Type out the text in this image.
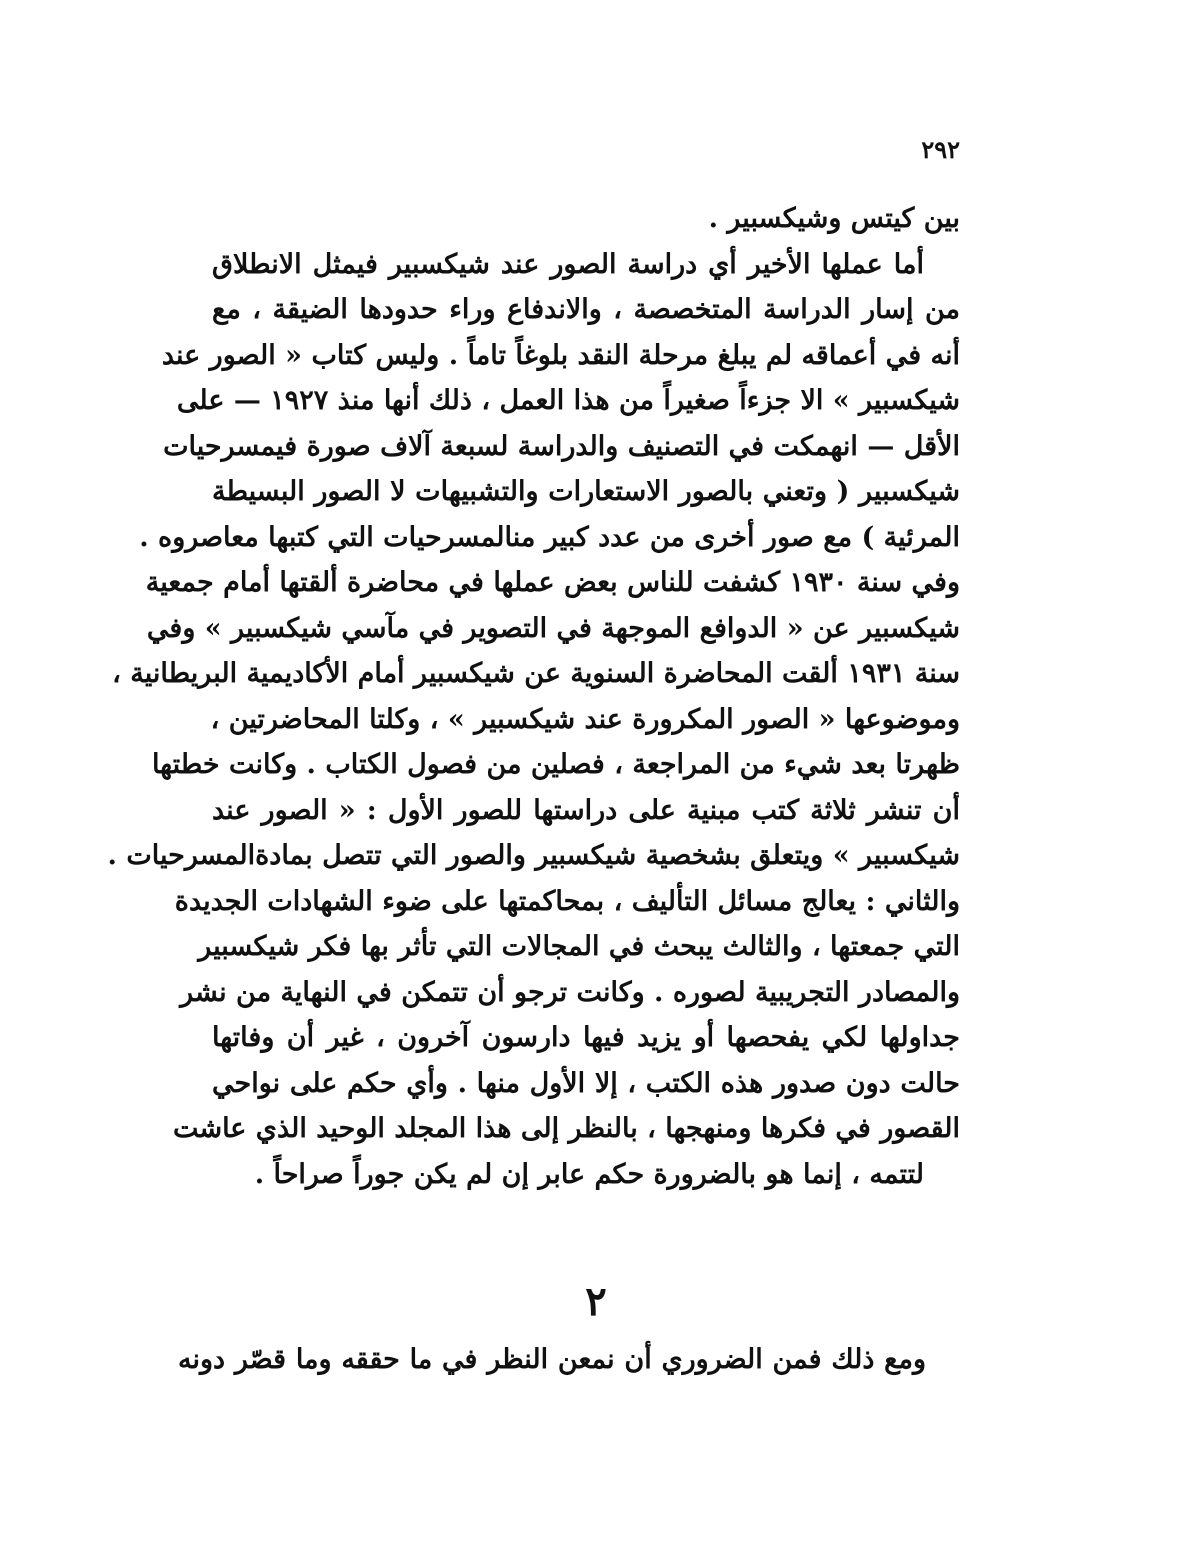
٢٩٢
بين كيتس وشيكسبير .
أما عملها الأخير أي دراسة الصور عند شيكسبير فيمثل الانطلاق
من إسار الدراسة المتخصصة ، والاندفاع وراء حدودها الضيقة ، مع
أنه في أعماقه لم يبلغ مرحلة النقد بلوغاً تاماً . وليس كتاب « الصور عند
شيكسبير » الا جزءاً صغيراً من هذا العمل ، ذلك أنها منذ ١٩٢٧ — على
الأقل — انهمكت في التصنيف والدراسة لسبعة آلاف صورة فيمسرحيات
شيكسبير ( وتعني بالصور الاستعارات والتشبيهات لا الصور البسيطة
المرئية ) مع صور أخرى من عدد كبير منالمسرحيات التي كتبها معاصروه .
وفي سنة ١٩٣٠ كشفت للناس بعض عملها في محاضرة ألقتها أمام جمعية
شيكسبير عن « الدوافع الموجهة في التصوير في مآسي شيكسبير » وفي
سنة ١٩٣١ ألقت المحاضرة السنوية عن شيكسبير أمام الأكاديمية البريطانية ،
وموضوعها « الصور المكرورة عند شيكسبير » ، وكلتا المحاضرتين ،
ظهرتا بعد شيء من المراجعة ، فصلين من فصول الكتاب . وكانت خطتها
أن تنشر ثلاثة كتب مبنية على دراستها للصور الأول : « الصور عند
شيكسبير » ويتعلق بشخصية شيكسبير والصور التي تتصل بمادةالمسرحيات .
والثاني : يعالج مسائل التأليف ، بمحاكمتها على ضوء الشهادات الجديدة
التي جمعتها ، والثالث يبحث في المجالات التي تأثر بها فكر شيكسبير
والمصادر التجريبية لصوره . وكانت ترجو أن تتمكن في النهاية من نشر
جداولها لكي يفحصها أو يزيد فيها دارسون آخرون ، غير أن وفاتها
حالت دون صدور هذه الكتب ، إلا الأول منها . وأي حكم على نواحي
القصور في فكرها ومنهجها ، بالنظر إلى هذا المجلد الوحيد الذي عاشت
لتتمه ، إنما هو بالضرورة حكم عابر إن لم يكن جوراً صراحاً .
٢
ومع ذلك فمن الضروري أن نمعن النظر في ما حققه وما قصّر دونه
